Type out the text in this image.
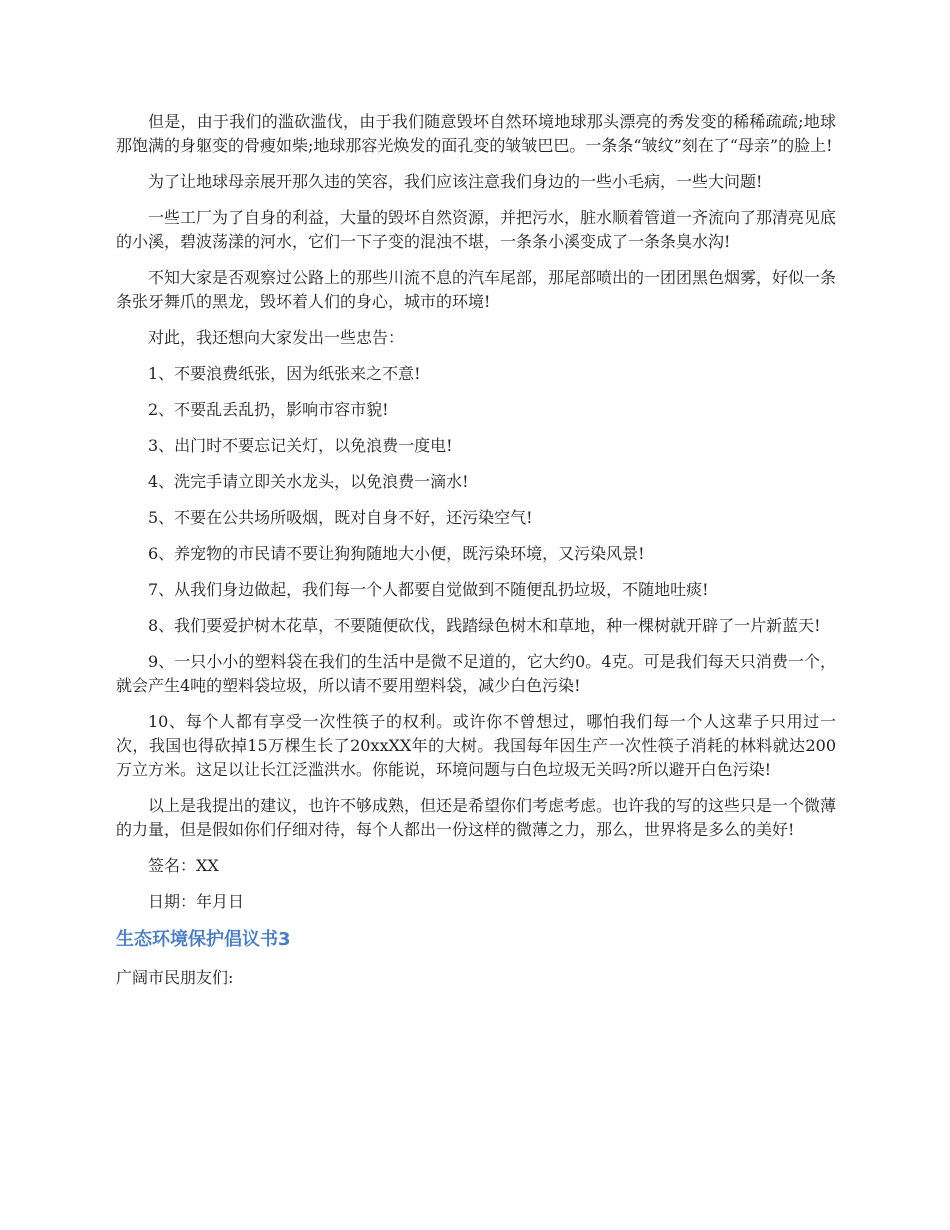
但是，由于我们的滥砍滥伐，由于我们随意毁坏自然环境地球那头漂亮的秀发变的稀稀疏疏;地球那饱满的身躯变的骨瘦如柴;地球那容光焕发的面孔变的皱皱巴巴。一条条“皱纹”刻在了“母亲”的脸上!

为了让地球母亲展开那久违的笑容，我们应该注意我们身边的一些小毛病，一些大问题!

一些工厂为了自身的利益，大量的毁坏自然资源，并把污水，脏水顺着管道一齐流向了那清亮见底的小溪，碧波荡漾的河水，它们一下子变的混浊不堪，一条条小溪变成了一条条臭水沟!

不知大家是否观察过公路上的那些川流不息的汽车尾部，那尾部喷出的一团团黑色烟雾，好似一条条张牙舞爪的黑龙，毁坏着人们的身心，城市的环境!

对此，我还想向大家发出一些忠告：

1、不要浪费纸张，因为纸张来之不意!

2、不要乱丢乱扔，影响市容市貌!

3、出门时不要忘记关灯，以免浪费一度电!

4、洗完手请立即关水龙头，以免浪费一滴水!

5、不要在公共场所吸烟，既对自身不好，还污染空气!

6、养宠物的市民请不要让狗狗随地大小便，既污染环境，又污染风景!

7、从我们身边做起，我们每一个人都要自觉做到不随便乱扔垃圾，不随地吐痰!

8、我们要爱护树木花草，不要随便砍伐，践踏绿色树木和草地，种一棵树就开辟了一片新蓝天!

9、一只小小的塑料袋在我们的生活中是微不足道的，它大约0。4克。可是我们每天只消费一个，就会产生4吨的塑料袋垃圾，所以请不要用塑料袋，减少白色污染!

10、每个人都有享受一次性筷子的权利。或许你不曾想过，哪怕我们每一个人这辈子只用过一次，我国也得砍掉15万棵生长了20xxXX年的大树。我国每年因生产一次性筷子消耗的林料就达200万立方米。这足以让长江泛滥洪水。你能说，环境问题与白色垃圾无关吗?所以避开白色污染!

以上是我提出的建议，也许不够成熟，但还是希望你们考虑考虑。也许我的写的这些只是一个微薄的力量，但是假如你们仔细对待，每个人都出一份这样的微薄之力，那么，世界将是多么的美好!

签名：XX

日期：年月日

生态环境保护倡议书3

广阔市民朋友们:
